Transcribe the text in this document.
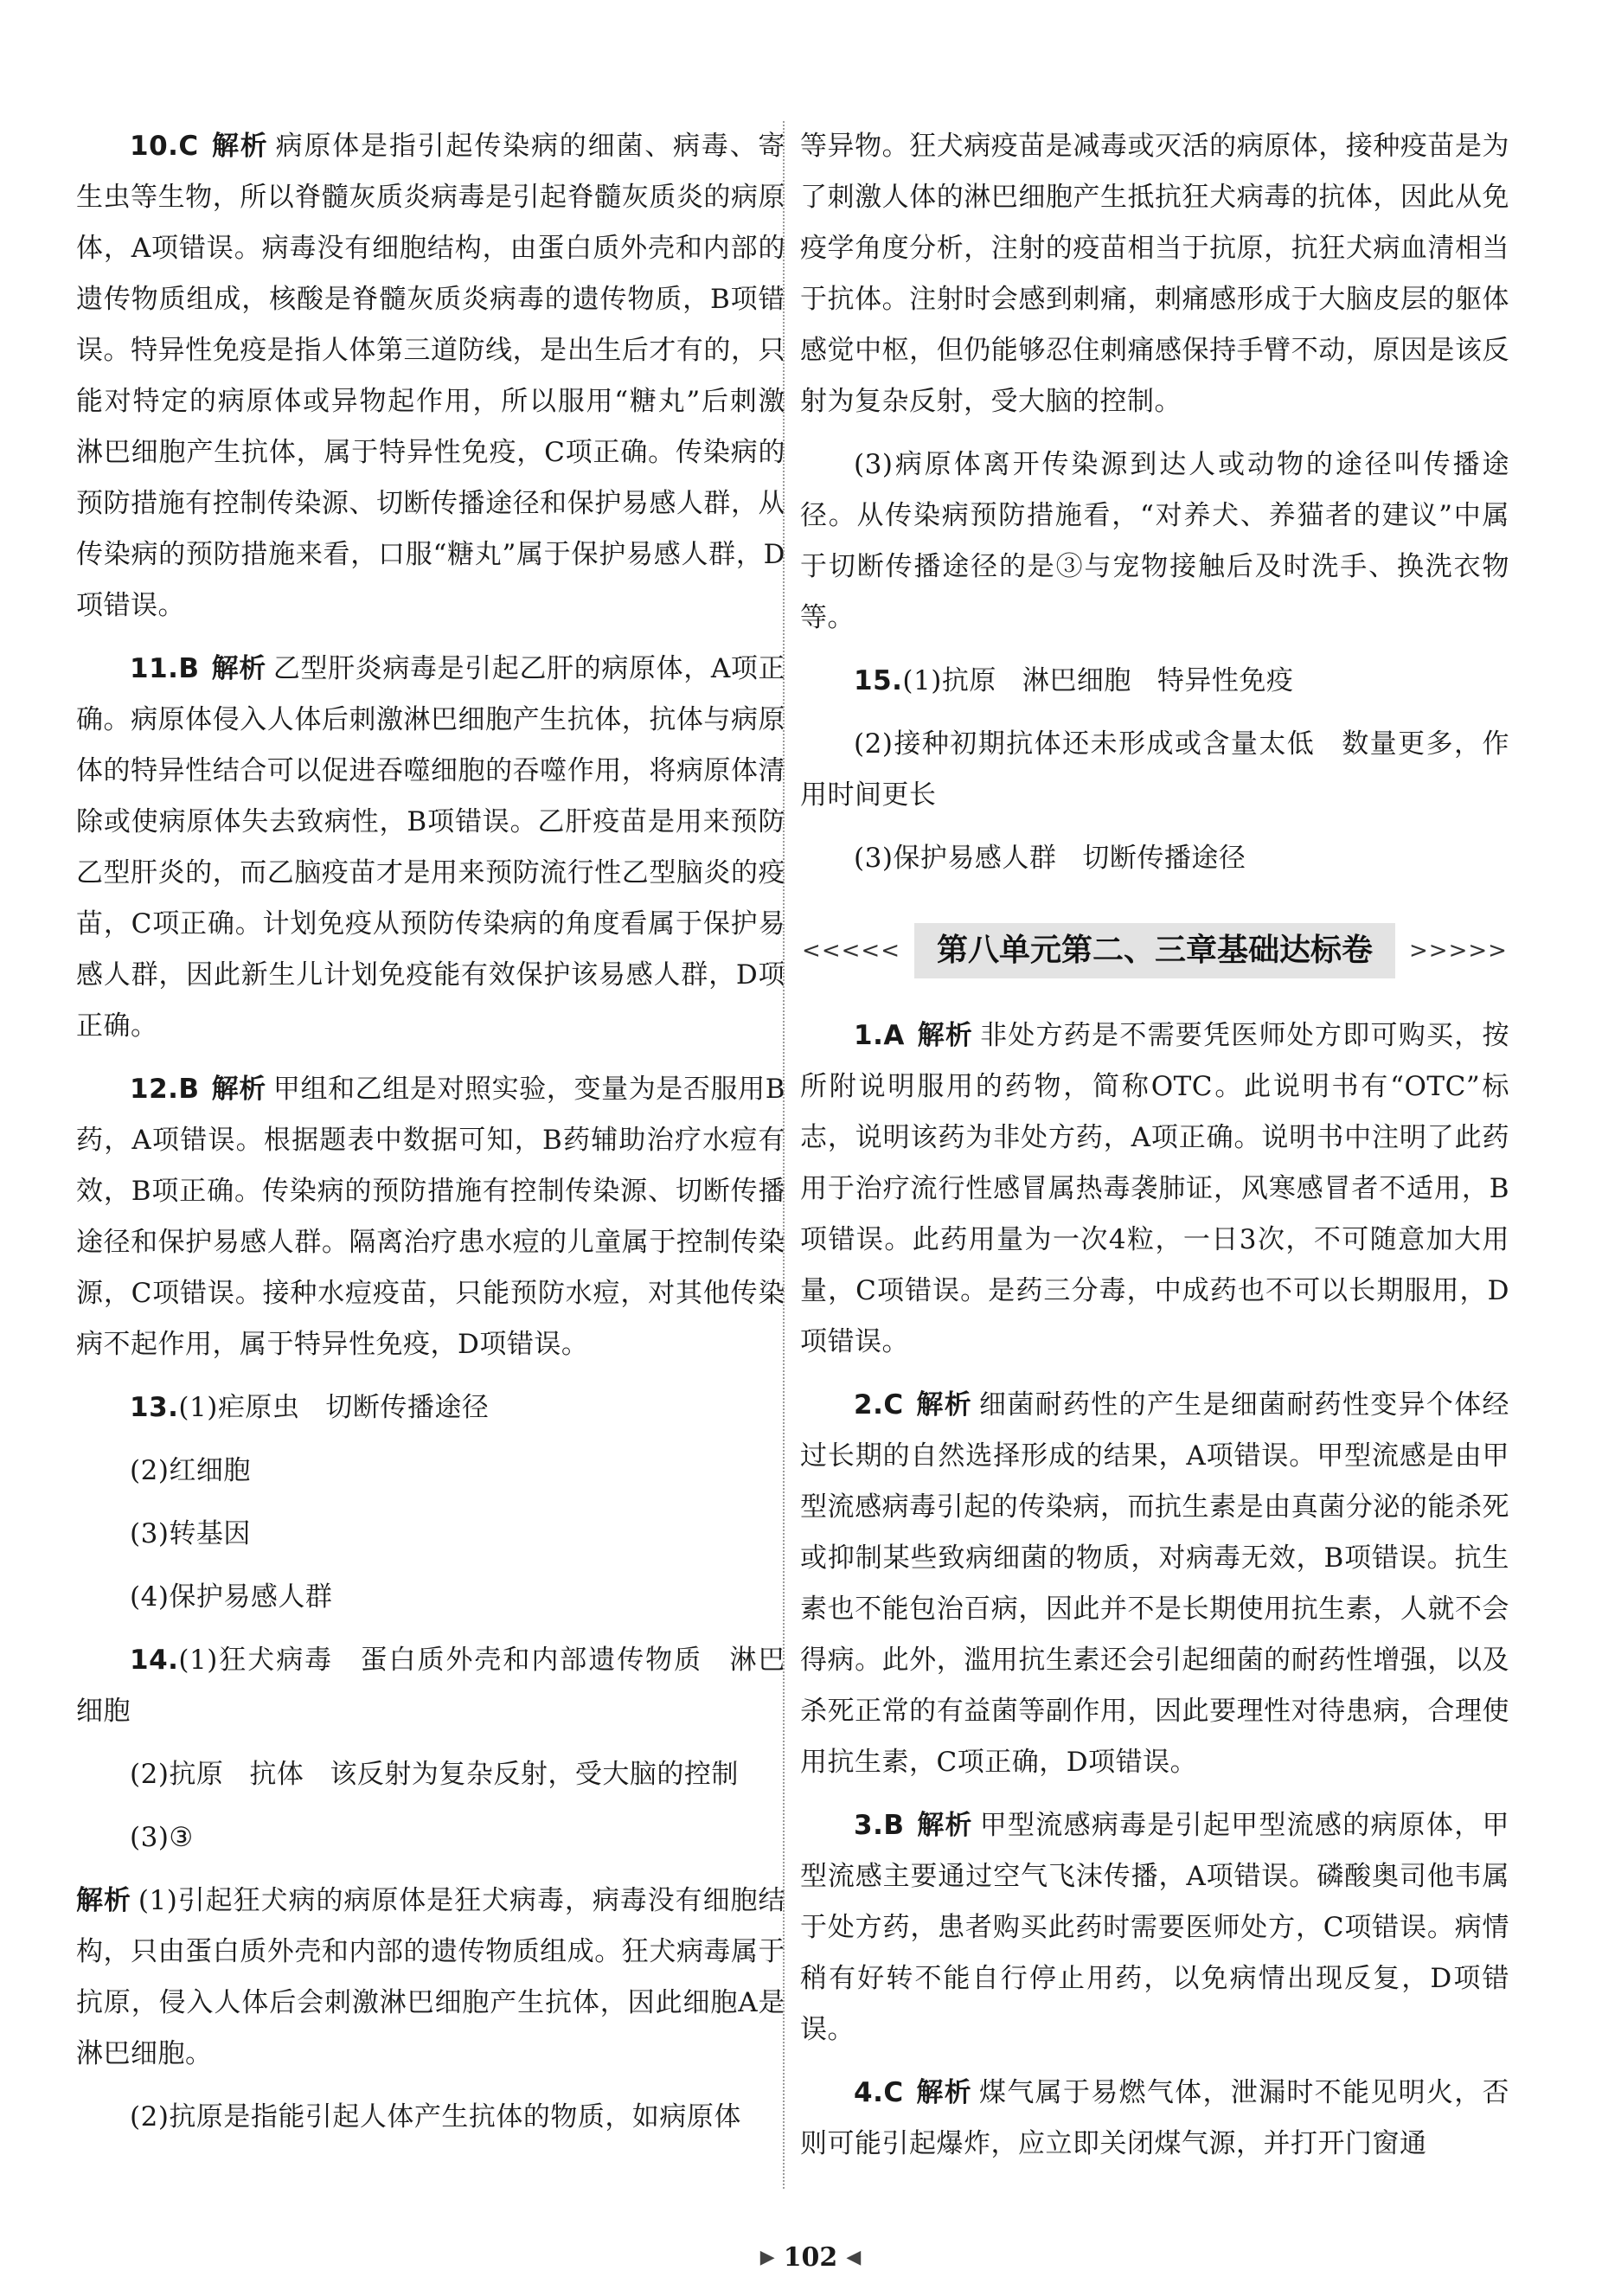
10.C 解析 病原体是指引起传染病的细菌、病毒、寄生虫等生物，所以脊髓灰质炎病毒是引起脊髓灰质炎的病原体，A项错误。病毒没有细胞结构，由蛋白质外壳和内部的遗传物质组成，核酸是脊髓灰质炎病毒的遗传物质，B项错误。特异性免疫是指人体第三道防线，是出生后才有的，只能对特定的病原体或异物起作用，所以服用“糖丸”后刺激淋巴细胞产生抗体，属于特异性免疫，C项正确。传染病的预防措施有控制传染源、切断传播途径和保护易感人群，从传染病的预防措施来看，口服“糖丸”属于保护易感人群，D项错误。

11.B 解析 乙型肝炎病毒是引起乙肝的病原体，A项正确。病原体侵入人体后刺激淋巴细胞产生抗体，抗体与病原体的特异性结合可以促进吞噬细胞的吞噬作用，将病原体清除或使病原体失去致病性，B项错误。乙肝疫苗是用来预防乙型肝炎的，而乙脑疫苗才是用来预防流行性乙型脑炎的疫苗，C项正确。计划免疫从预防传染病的角度看属于保护易感人群，因此新生儿计划免疫能有效保护该易感人群，D项正确。

12.B 解析 甲组和乙组是对照实验，变量为是否服用B药，A项错误。根据题表中数据可知，B药辅助治疗水痘有效，B项正确。传染病的预防措施有控制传染源、切断传播途径和保护易感人群。隔离治疗患水痘的儿童属于控制传染源，C项错误。接种水痘疫苗，只能预防水痘，对其他传染病不起作用，属于特异性免疫，D项错误。

13.(1)疟原虫 切断传播途径

(2)红细胞

(3)转基因

(4)保护易感人群

14.(1)狂犬病毒 蛋白质外壳和内部遗传物质 淋巴细胞

(2)抗原 抗体 该反射为复杂反射，受大脑的控制

(3)③

解析 (1)引起狂犬病的病原体是狂犬病毒，病毒没有细胞结构，只由蛋白质外壳和内部的遗传物质组成。狂犬病毒属于抗原，侵入人体后会刺激淋巴细胞产生抗体，因此细胞A是淋巴细胞。

(2)抗原是指能引起人体产生抗体的物质，如病原体

等异物。狂犬病疫苗是减毒或灭活的病原体，接种疫苗是为了刺激人体的淋巴细胞产生抵抗狂犬病毒的抗体，因此从免疫学角度分析，注射的疫苗相当于抗原，抗狂犬病血清相当于抗体。注射时会感到刺痛，刺痛感形成于大脑皮层的躯体感觉中枢，但仍能够忍住刺痛感保持手臂不动，原因是该反射为复杂反射，受大脑的控制。

(3)病原体离开传染源到达人或动物的途径叫传播途径。从传染病预防措施看，“对养犬、养猫者的建议”中属于切断传播途径的是③与宠物接触后及时洗手、换洗衣物等。

15.(1)抗原 淋巴细胞 特异性免疫

(2)接种初期抗体还未形成或含量太低 数量更多，作用时间更长

(3)保护易感人群 切断传播途径

<<<<<	第八单元第二、三章基础达标卷	>>>>>

1.A 解析 非处方药是不需要凭医师处方即可购买，按所附说明服用的药物，简称OTC。此说明书有“OTC”标志，说明该药为非处方药，A项正确。说明书中注明了此药用于治疗流行性感冒属热毒袭肺证，风寒感冒者不适用，B项错误。此药用量为一次4粒，一日3次，不可随意加大用量，C项错误。是药三分毒，中成药也不可以长期服用，D项错误。

2.C 解析 细菌耐药性的产生是细菌耐药性变异个体经过长期的自然选择形成的结果，A项错误。甲型流感是由甲型流感病毒引起的传染病，而抗生素是由真菌分泌的能杀死或抑制某些致病细菌的物质，对病毒无效，B项错误。抗生素也不能包治百病，因此并不是长期使用抗生素，人就不会得病。此外，滥用抗生素还会引起细菌的耐药性增强，以及杀死正常的有益菌等副作用，因此要理性对待患病，合理使用抗生素，C项正确，D项错误。

3.B 解析 甲型流感病毒是引起甲型流感的病原体，甲型流感主要通过空气飞沫传播，A项错误。磷酸奥司他韦属于处方药，患者购买此药时需要医师处方，C项错误。病情稍有好转不能自行停止用药，以免病情出现反复，D项错误。

4.C 解析 煤气属于易燃气体，泄漏时不能见明火，否则可能引起爆炸，应立即关闭煤气源，并打开门窗通

▶ 102 ◀
